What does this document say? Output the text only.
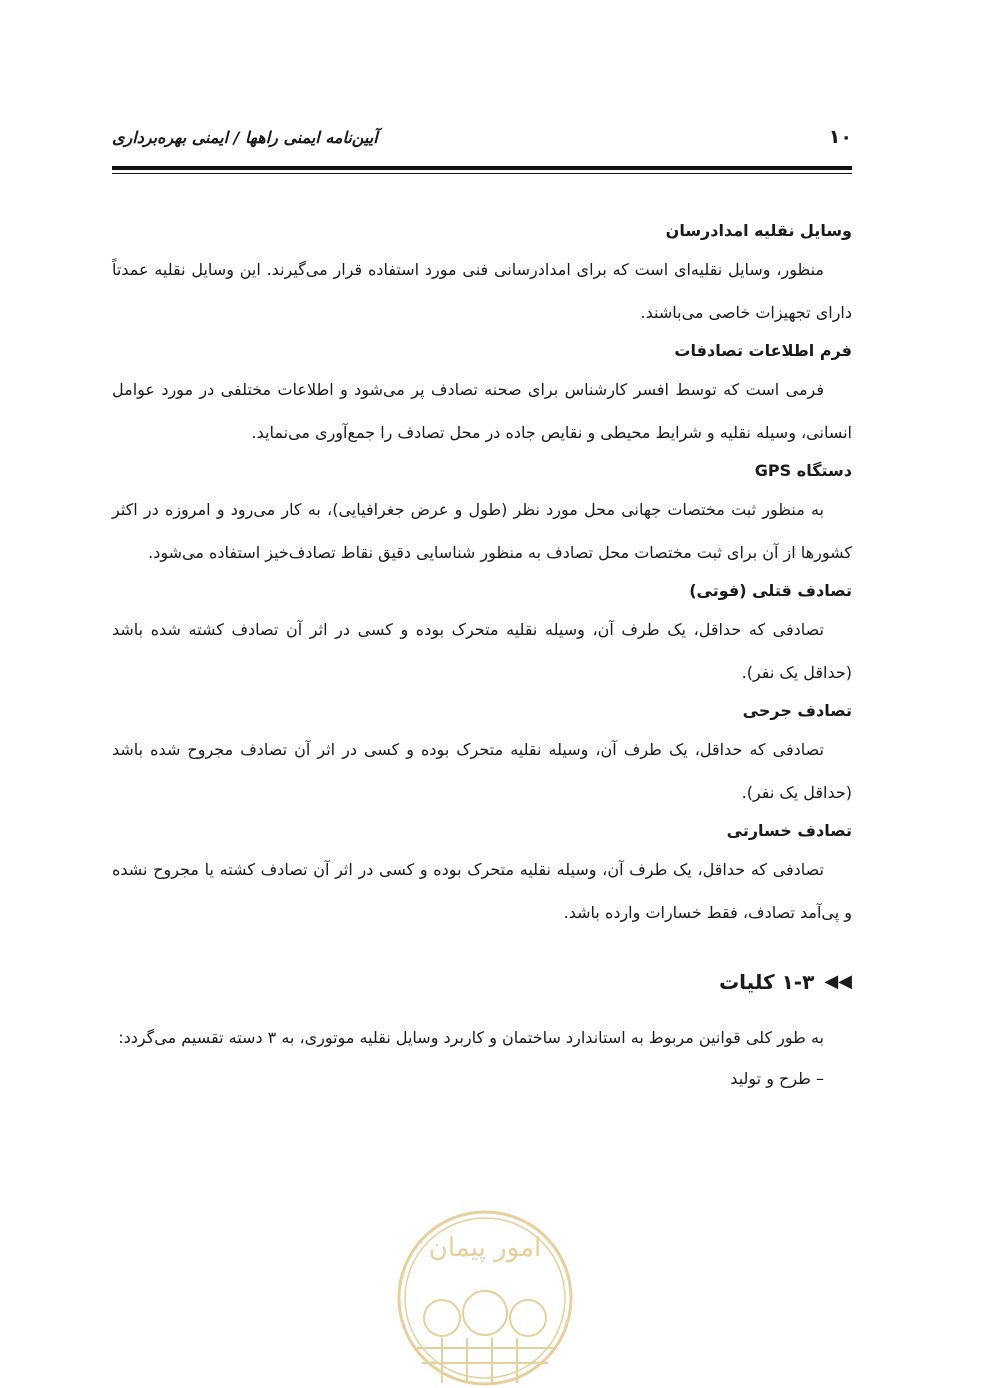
۱۰
آیین‌نامه ایمنی راهها / ایمنی بهره‌برداری

وسایل نقلیه امدادرسان

منظور، وسایل نقلیه‌ای است که برای امدادرسانی فنی مورد استفاده قرار می‌گیرند. این وسایل نقلیه عمدتاً دارای تجهیزات خاصی می‌باشند.

فرم اطلاعات تصادفات

فرمی است که توسط افسر کارشناس برای صحنه تصادف پر می‌شود و اطلاعات مختلفی در مورد عوامل انسانی، وسیله نقلیه و شرایط محیطی و نقایص جاده در محل تصادف را جمع‌آوری می‌نماید.

دستگاه GPS

به منظور ثبت مختصات جهانی محل مورد نظر (طول و عرض جغرافیایی)، به کار می‌رود و امروزه در اکثر کشورها از آن برای ثبت مختصات محل تصادف به منظور شناسایی دقیق نقاط تصادف‌خیز استفاده می‌شود.

تصادف قتلی (فوتی)

تصادفی که حداقل، یک طرف آن، وسیله نقلیه متحرک بوده و کسی در اثر آن تصادف کشته شده باشد (حداقل یک نفر).

تصادف جرحی

تصادفی که حداقل، یک طرف آن، وسیله نقلیه متحرک بوده و کسی در اثر آن تصادف مجروح شده باشد (حداقل یک نفر).

تصادف خسارتی

تصادفی که حداقل، یک طرف آن، وسیله نقلیه متحرک بوده و کسی در اثر آن تصادف کشته یا مجروح نشده و پی‌آمد تصادف، فقط خسارات وارده باشد.

◀◀
۱-۳ کلیات

به طور کلی قوانین مربوط به استاندارد ساختمان و کاربرد وسایل نقلیه موتوری، به ۳ دسته تقسیم می‌گردد:

– طرح و تولید

امور پیمان
